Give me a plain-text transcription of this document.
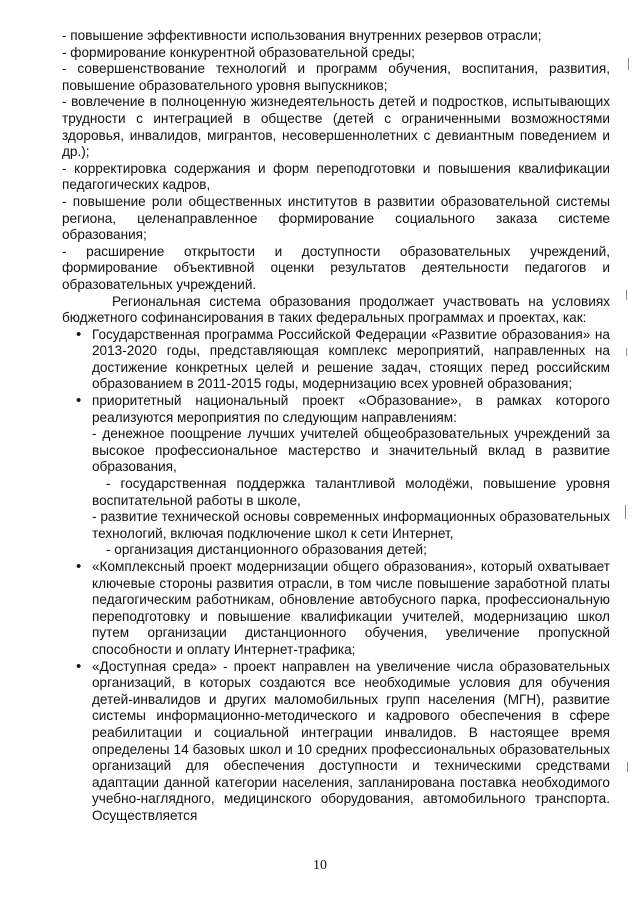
- повышение эффективности использования внутренних резервов отрасли;

- формирование конкурентной образовательной среды;

- совершенствование технологий и программ обучения, воспитания, развития, повышение образовательного уровня выпускников;

- вовлечение в полноценную жизнедеятельность детей и подростков, испытывающих трудности с интеграцией в обществе (детей с ограниченными возможностями здоровья, инвалидов, мигрантов, несовершеннолетних с девиантным поведением и др.);

- корректировка содержания и форм переподготовки и повышения квалификации педагогических кадров,

- повышение роли общественных институтов в развитии образовательной системы региона, целенаправленное формирование социального заказа системе образования;

- расширение открытости и доступности образовательных учреждений, формирование объективной оценки результатов деятельности педагогов и образовательных учреждений.

Региональная система образования продолжает участвовать на условиях бюджетного софинансирования в таких федеральных программах и проектах, как:

• Государственная программа Российской Федерации «Развитие образования» на 2013-2020 годы, представляющая комплекс мероприятий, направленных на достижение конкретных целей и решение задач, стоящих перед российским образованием в 2011-2015 годы, модернизацию всех уровней образования;

• приоритетный национальный проект «Образование», в рамках которого реализуются мероприятия по следующим направлениям:

- денежное поощрение лучших учителей общеобразовательных учреждений за высокое профессиональное мастерство и значительный вклад в развитие образования,

- государственная поддержка талантливой молодёжи, повышение уровня воспитательной работы в школе,

- развитие технической основы современных информационных образовательных технологий, включая подключение школ к сети Интернет,

- организация дистанционного образования детей;

• «Комплексный проект модернизации общего образования», который охватывает ключевые стороны развития отрасли, в том числе повышение заработной платы педагогическим работникам, обновление автобусного парка, профессиональную переподготовку и повышение квалификации учителей, модернизацию школ путем организации дистанционного обучения, увеличение пропускной способности и оплату Интернет-трафика;
• «Доступная среда» - проект направлен на увеличение числа образовательных организаций, в которых создаются все необходимые условия для обучения детей-инвалидов и других маломобильных групп населения (МГН), развитие системы информационно-методического и кадрового обеспечения в сфере реабилитации и социальной интеграции инвалидов. В настоящее время определены 14 базовых школ и 10 средних профессиональных образовательных организаций для обеспечения доступности и техническими средствами адаптации данной категории населения, запланирована поставка необходимого учебно-наглядного, медицинского оборудования, автомобильного транспорта. Осуществляется
10
